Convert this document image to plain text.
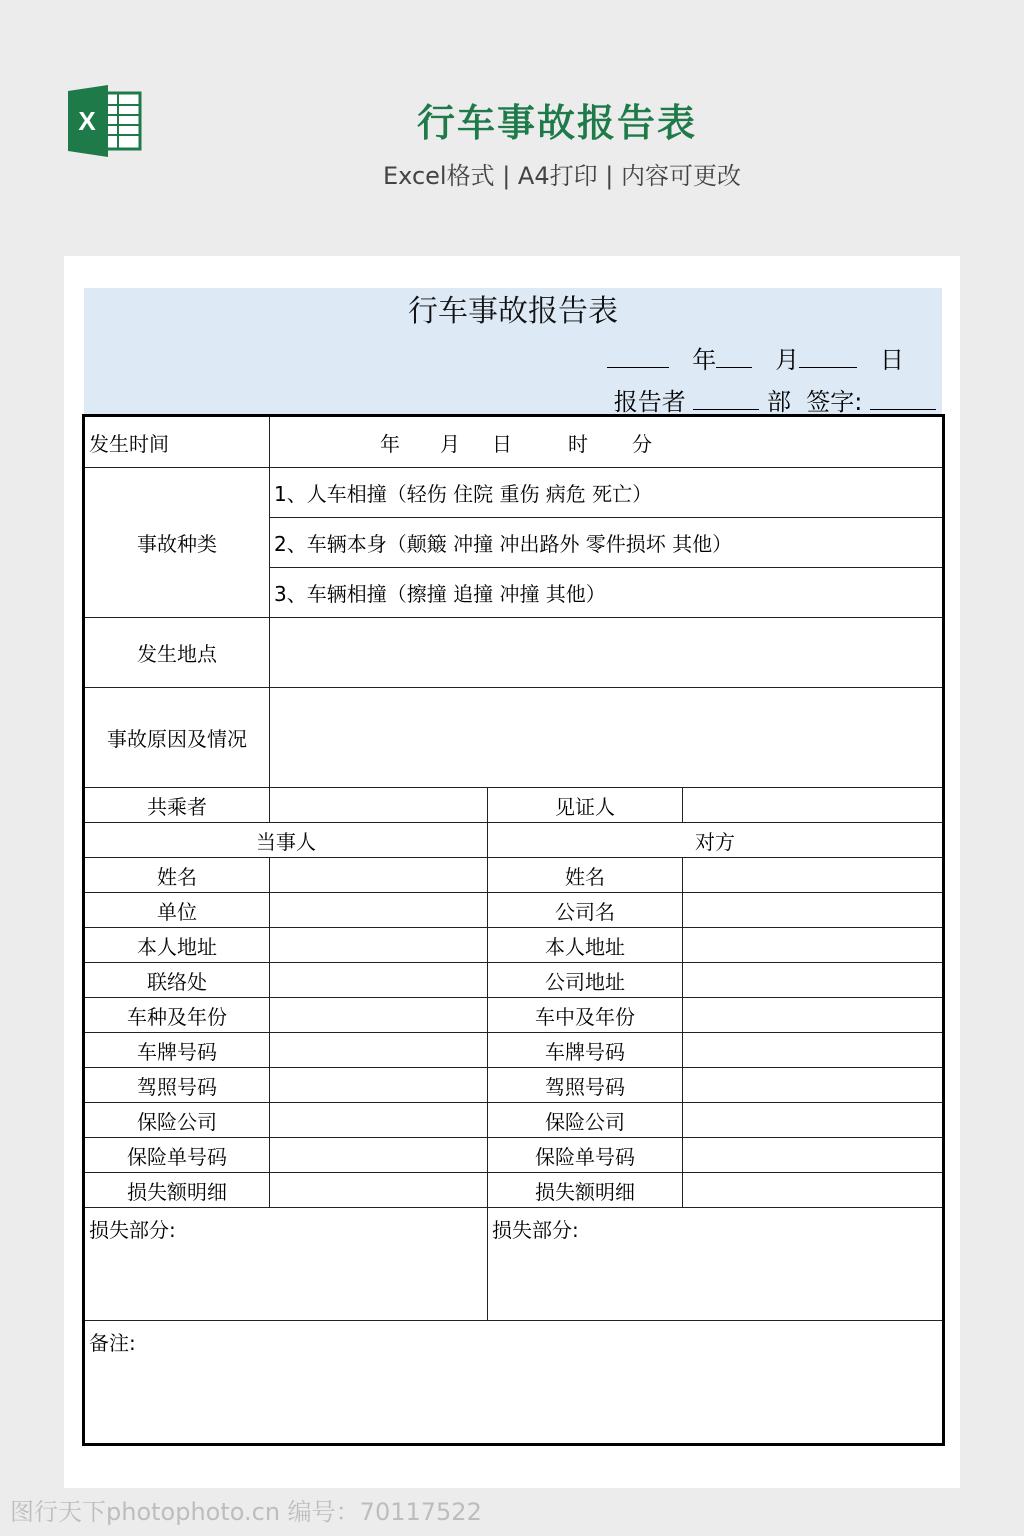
X	行车事故报告表
Excel格式 | A4打印 | 内容可更改
行车事故报告表
年 月	日
报告者	部 签字:
发生时间	年 月 日 时 分		
事故种类	1、人车相撞（轻伤 住院 重伤 病危 死亡）		
	2、车辆本身（颠簸 冲撞 冲出路外 零件损坏 其他）		
	3、车辆相撞（擦撞 追撞 冲撞 其他）		
发生地点			
事故原因及情况			
共乘者		见证人	
当事人		对方	
姓名		姓名	
单位		公司名	
本人地址		本人地址	
联络处		公司地址	
车种及年份		车中及年份	
车牌号码		车牌号码	
驾照号码		驾照号码	
保险公司		保险公司	
保险单号码		保险单号码	
损失额明细		损失额明细	
损失部分:		损失部分:	
备注:			
图行天下photophoto.cn 编号：70117522
